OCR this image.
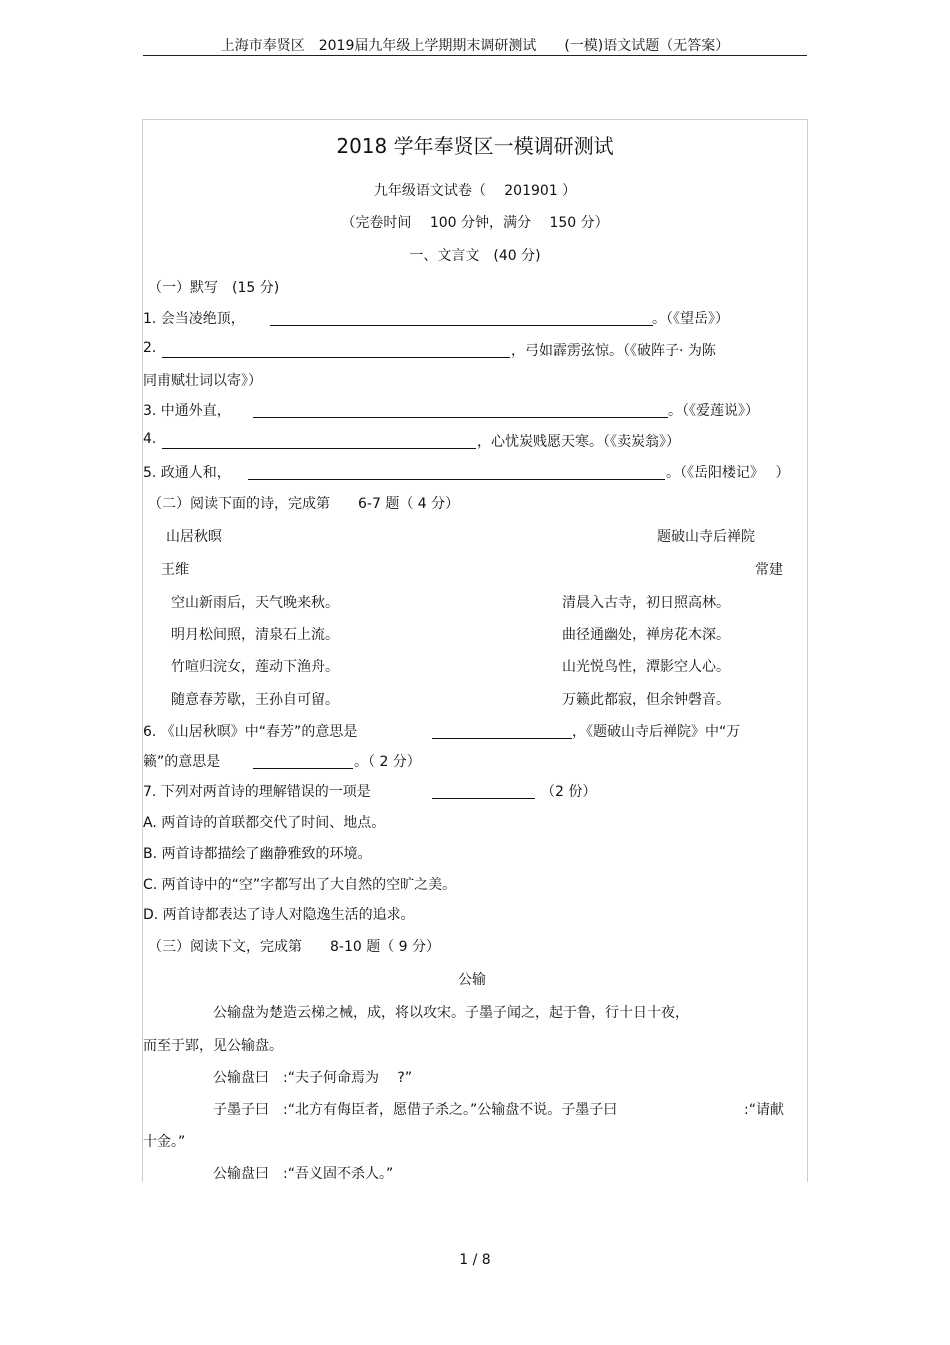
上海市奉贤区　2019届九年级上学期期末调研测试　　(一模)语文试题（无答案）
2018 学年奉贤区一模调研测试
九年级语文试卷（　 201901 ）
（完卷时间　 100 分钟，满分　 150 分）
一、文言文　(40 分)
（一）默写　(15 分)
1. 会当凌绝顶，	。（《望岳》）
2.	，弓如霹雳弦惊。（《破阵子· 为陈
同甫赋壮词以寄》）
3. 中通外直，	。（《爱莲说》）
4.	，心忧炭贱愿天寒。（《卖炭翁》）
5. 政通人和，	。（《岳阳楼记》　 ）
（二）阅读下面的诗，完成第　　6-7 题（ 4 分）
山居秋暝	题破山寺后禅院
王维	常建
空山新雨后，天气晚来秋。
明月松间照，清泉石上流。
竹喧归浣女，莲动下渔舟。
随意春芳歇，王孙自可留。
清晨入古寺，初日照高林。
曲径通幽处，禅房花木深。
山光悦鸟性，潭影空人心。
万籁此都寂，但余钟磬音。
6. 《山居秋暝》中“春芳”的意思是	，《题破山寺后禅院》中“万
籁”的意思是	。（ 2 分）
7. 下列对两首诗的理解错误的一项是	（2 份）
A. 两首诗的首联都交代了时间、地点。
B. 两首诗都描绘了幽静雅致的环境。
C. 两首诗中的“空”字都写出了大自然的空旷之美。
D. 两首诗都表达了诗人对隐逸生活的追求。
（三）阅读下文，完成第　　8-10 题（ 9 分）
公输
公输盘为楚造云梯之械，成，将以攻宋。子墨子闻之，起于鲁，行十日十夜，
而至于郢，见公输盘。
公输盘曰　:“夫子何命焉为　 ?”
子墨子曰　:“北方有侮臣者，愿借子杀之。”公输盘不说。子墨子曰	:“请献
十金。”
公输盘曰　:“吾义固不杀人。”
1 / 8
